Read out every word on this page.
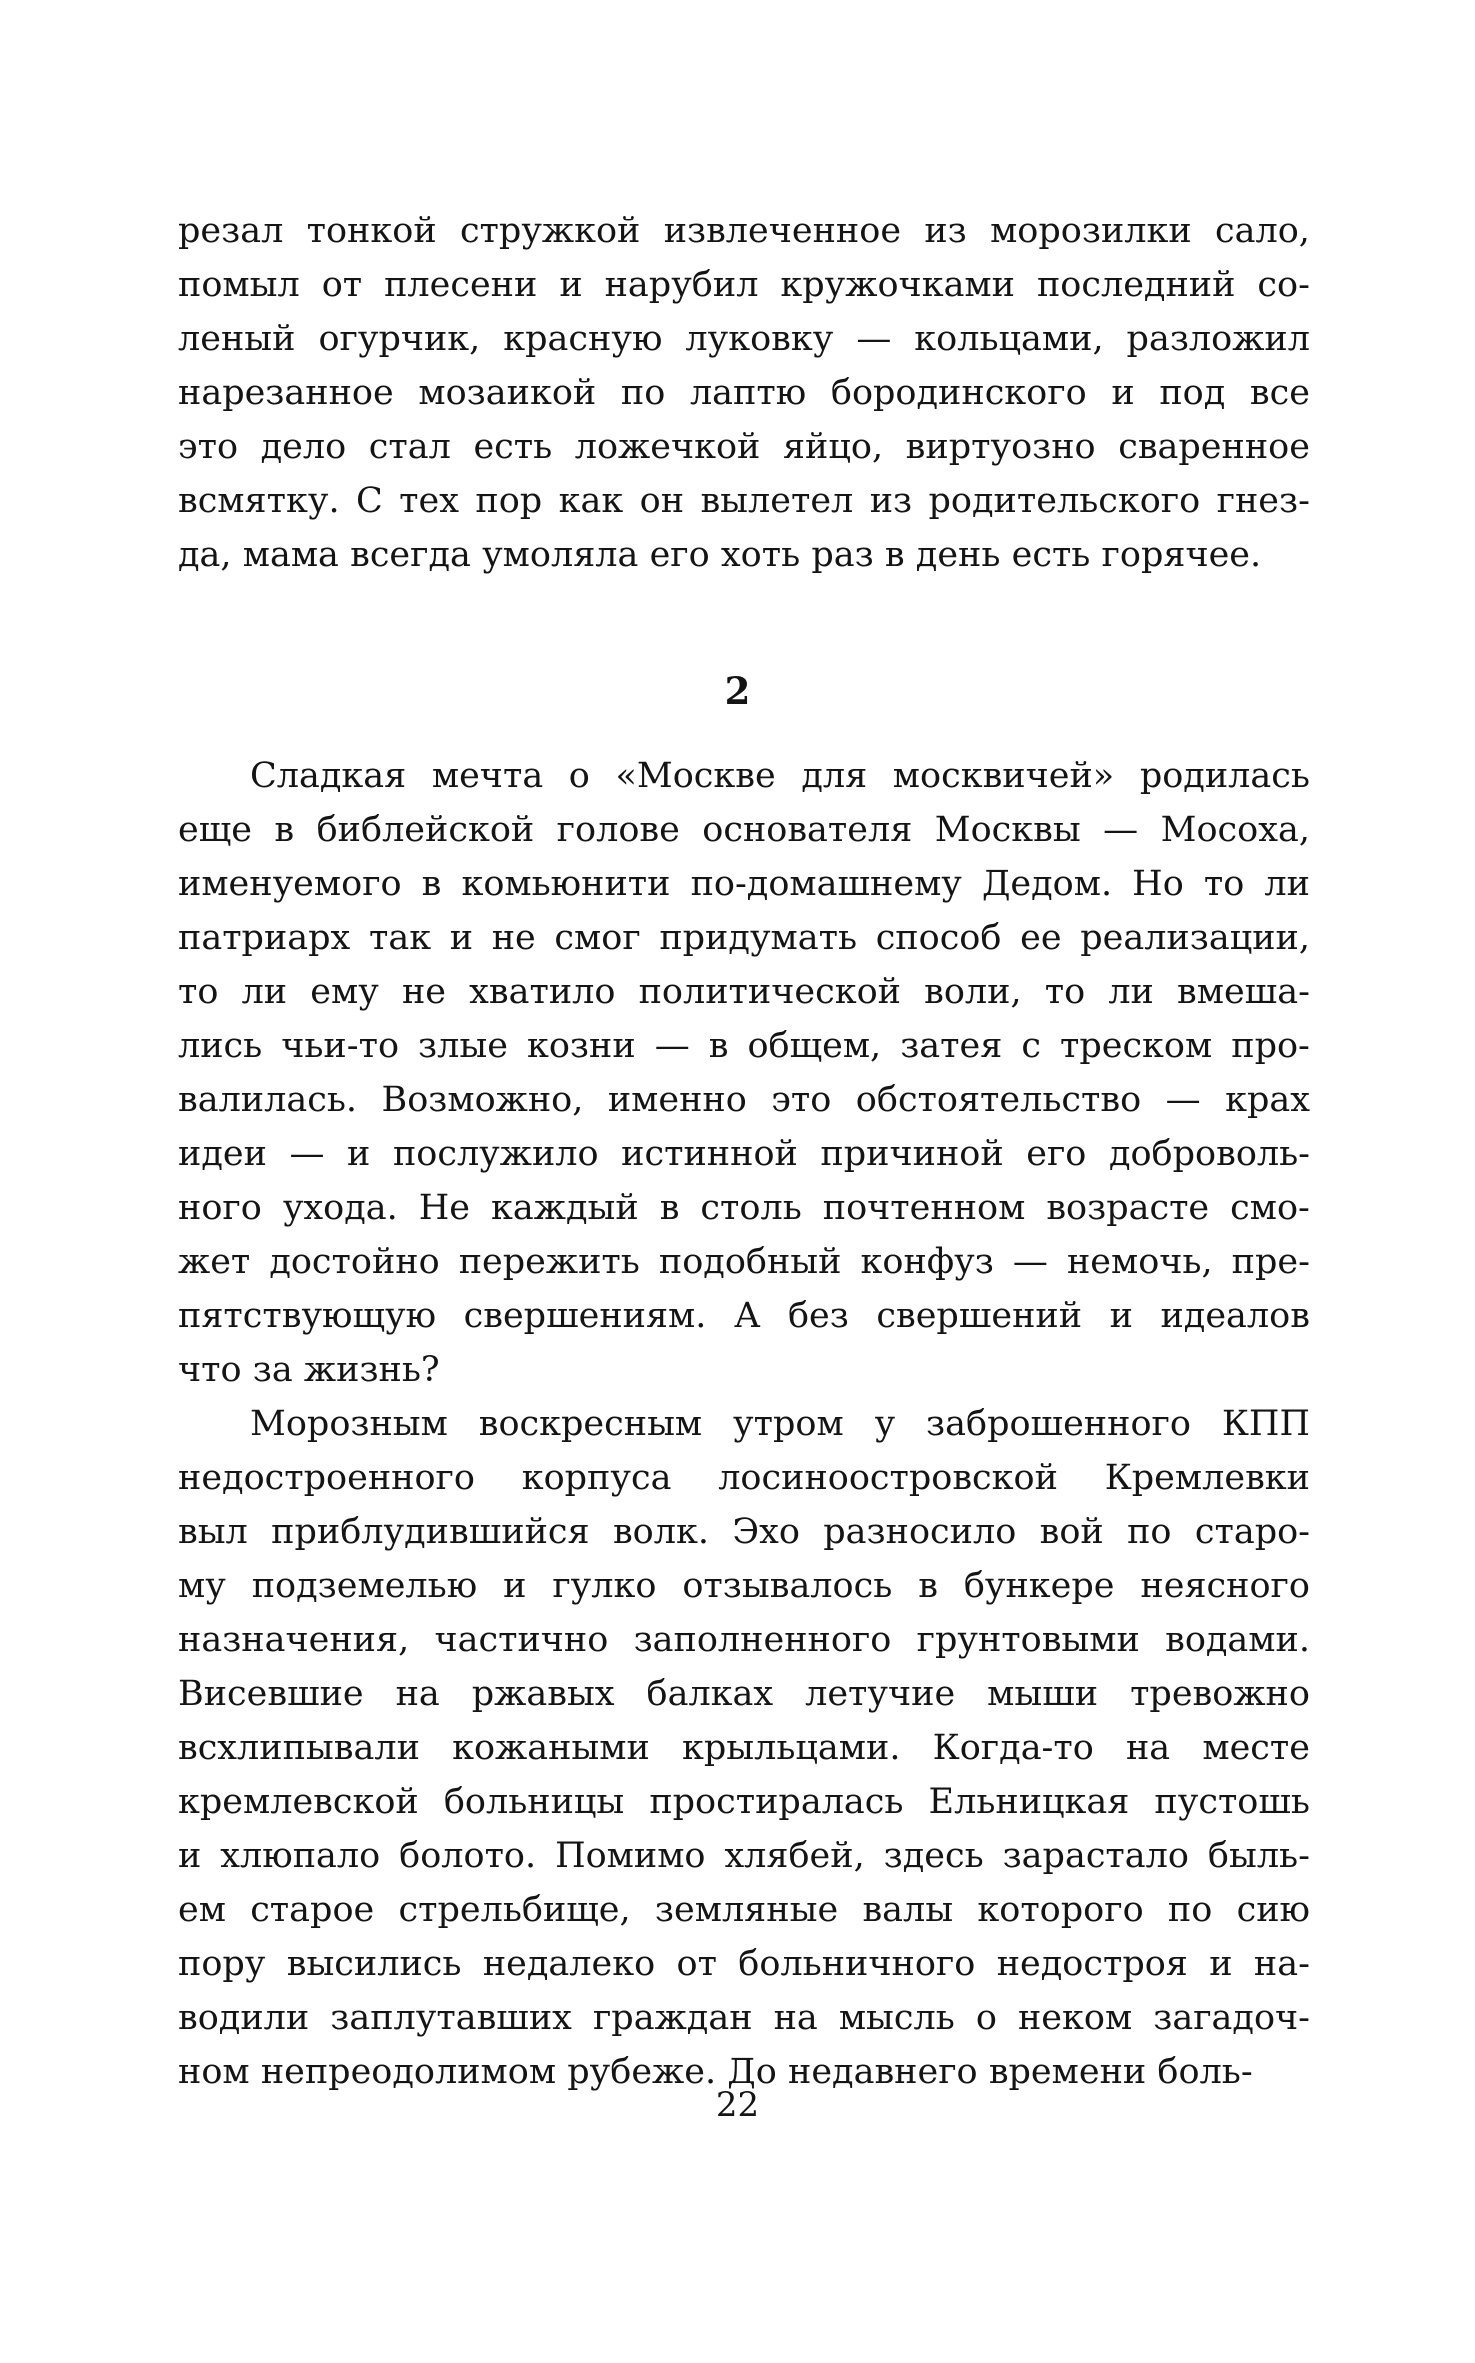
резал тонкой стружкой извлеченное из морозилки сало,
помыл от плесени и нарубил кружочками последний со-
леный огурчик, красную луковку — кольцами, разложил
нарезанное мозаикой по лаптю бородинского и под все
это дело стал есть ложечкой яйцо, виртуозно сваренное
всмятку. С тех пор как он вылетел из родительского гнез-
да, мама всегда умоляла его хоть раз в день есть горячее.
2
Сладкая мечта о «Москве для москвичей» родилась
еще в библейской голове основателя Москвы — Мосоха,
именуемого в комьюнити по-домашнему Дедом. Но то ли
патриарх так и не смог придумать способ ее реализации,
то ли ему не хватило политической воли, то ли вмеша-
лись чьи-то злые козни — в общем, затея с треском про-
валилась. Возможно, именно это обстоятельство — крах
идеи — и послужило истинной причиной его доброволь-
ного ухода. Не каждый в столь почтенном возрасте смо-
жет достойно пережить подобный конфуз — немочь, пре-
пятствующую свершениям. А без свершений и идеалов
что за жизнь?
Морозным воскресным утром у заброшенного КПП
недостроенного корпуса лосиноостровской Кремлевки
выл приблудившийся волк. Эхо разносило вой по старо-
му подземелью и гулко отзывалось в бункере неясного
назначения, частично заполненного грунтовыми водами.
Висевшие на ржавых балках летучие мыши тревожно
всхлипывали кожаными крыльцами. Когда-то на месте
кремлевской больницы простиралась Ельницкая пустошь
и хлюпало болото. Помимо хлябей, здесь зарастало быль-
ем старое стрельбище, земляные валы которого по сию
пору высились недалеко от больничного недостроя и на-
водили заплутавших граждан на мысль о неком загадоч-
ном непреодолимом рубеже. До недавнего времени боль-
22
